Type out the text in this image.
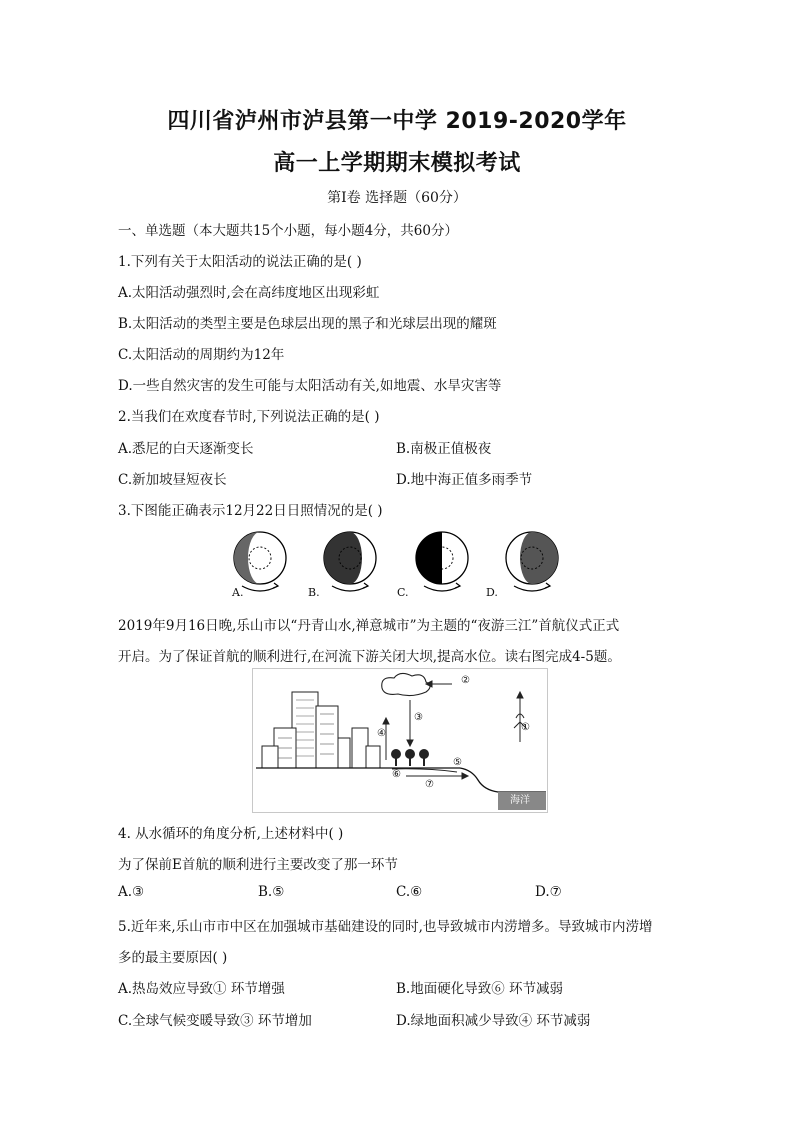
四川省泸州市泸县第一中学 2019-2020学年
高一上学期期末模拟考试
第Ⅰ卷 选择题（60分）
一、单选题（本大题共15个小题，每小题4分，共60分）
1.下列有关于太阳活动的说法正确的是( )
A.太阳活动强烈时,会在高纬度地区出现彩虹
B.太阳活动的类型主要是色球层出现的黑子和光球层出现的耀斑
C.太阳活动的周期约为12年
D.一些自然灾害的发生可能与太阳活动有关,如地震、水旱灾害等
2.当我们在欢度春节时,下列说法正确的是( )
A.悉尼的白天逐渐变长	B.南极正值极夜
C.新加坡昼短夜长	D.地中海正值多雨季节
3.下图能正确表示12月22日日照情况的是( )
A.	B.	C.	D.
2019年9月16日晚,乐山市以“丹青山水,禅意城市”为主题的“夜游三江”首航仪式正式
开启。为了保证首航的顺利进行,在河流下游关闭大坝,提高水位。读右图完成4-5题。
②
①
③
④
⑤
⑥
⑦
海洋
4. 从水循环的角度分析,上述材料中( )
为了保前E首航的顺利进行主要改变了那一环节
A.③	B.⑤	C.⑥	D.⑦
5.近年来,乐山市市中区在加强城市基础建设的同时,也导致城市内涝增多。导致城市内涝增
多的最主要原因( )
A.热岛效应导致① 环节增强	B.地面硬化导致⑥ 环节减弱
C.全球气候变暖导致③ 环节增加	D.绿地面积减少导致④ 环节减弱
